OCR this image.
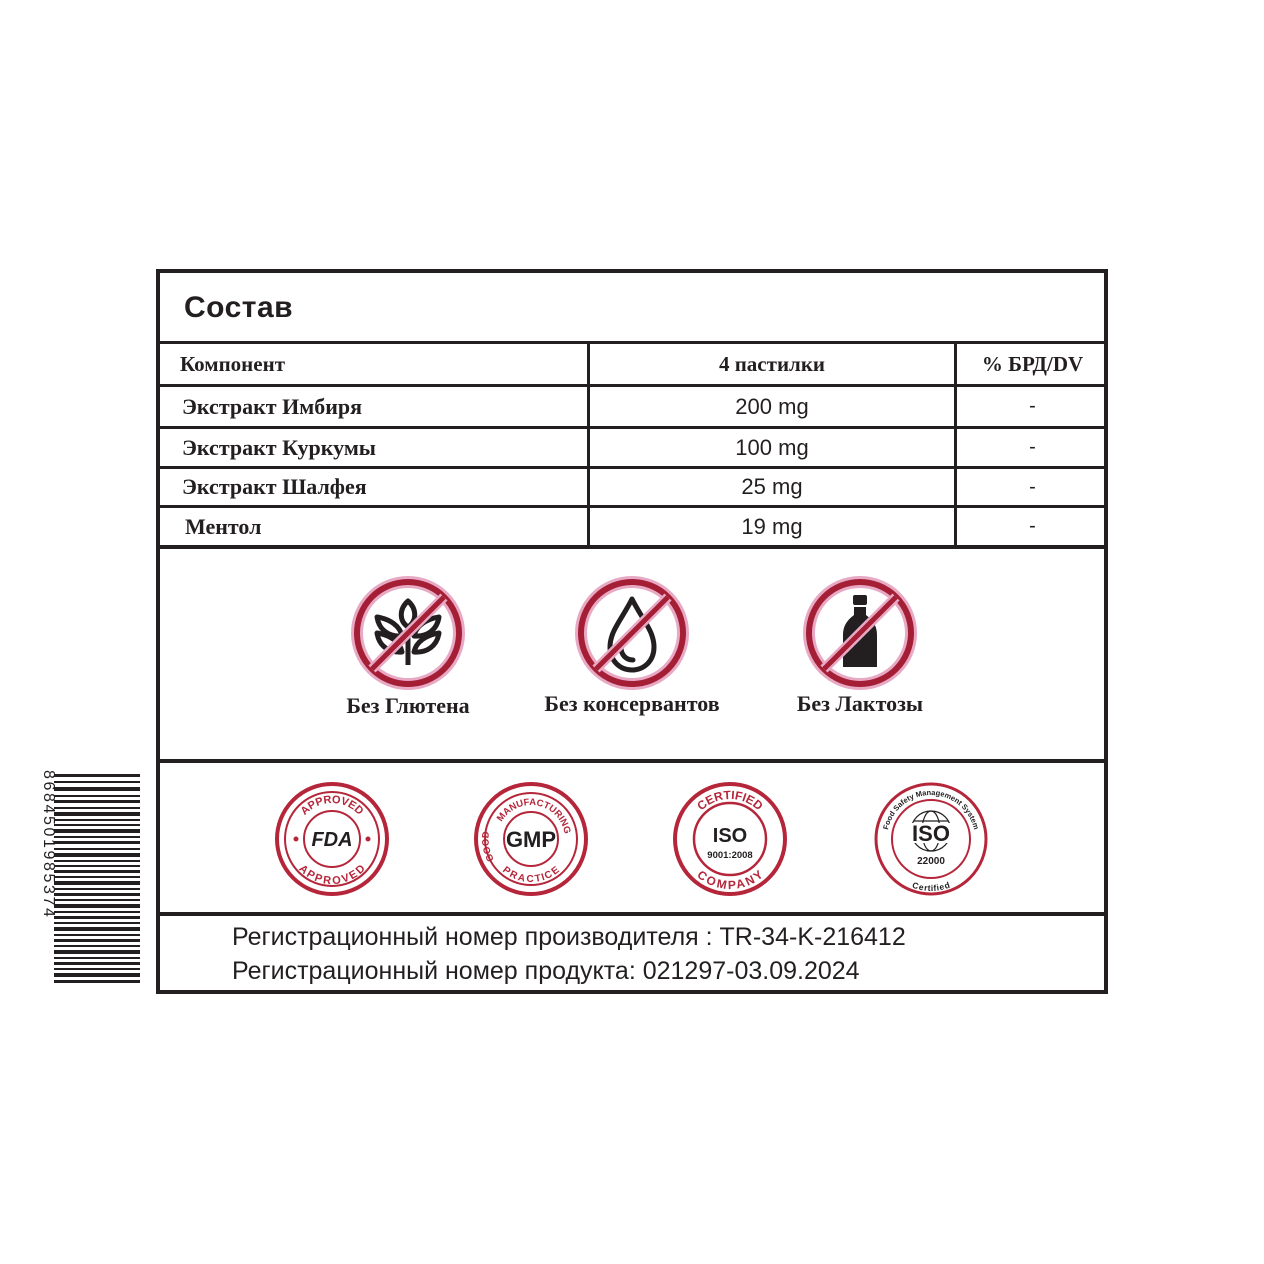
Состав
Компонент	4 пастилки	% БРД/DV
Экстракт Имбиря	200 mg	-
Экстракт Куркумы	100 mg	-
Экстракт Шалфея	25 mg	-
Ментол	19 mg	-
Без Глютена	Без консервантов	Без Лактозы
APPROVED
APPROVED
FDA
MANUFACTURING
PRACTICE
GOOD GMP
CERTIFIED
COMPANY
ISO
9001:2008
Food Safety Management System
Certified
ISO
22000
Регистрационный номер производителя : TR-34-K-216412
Регистрационный номер продукта: 021297-03.09.2024
8684501985374
